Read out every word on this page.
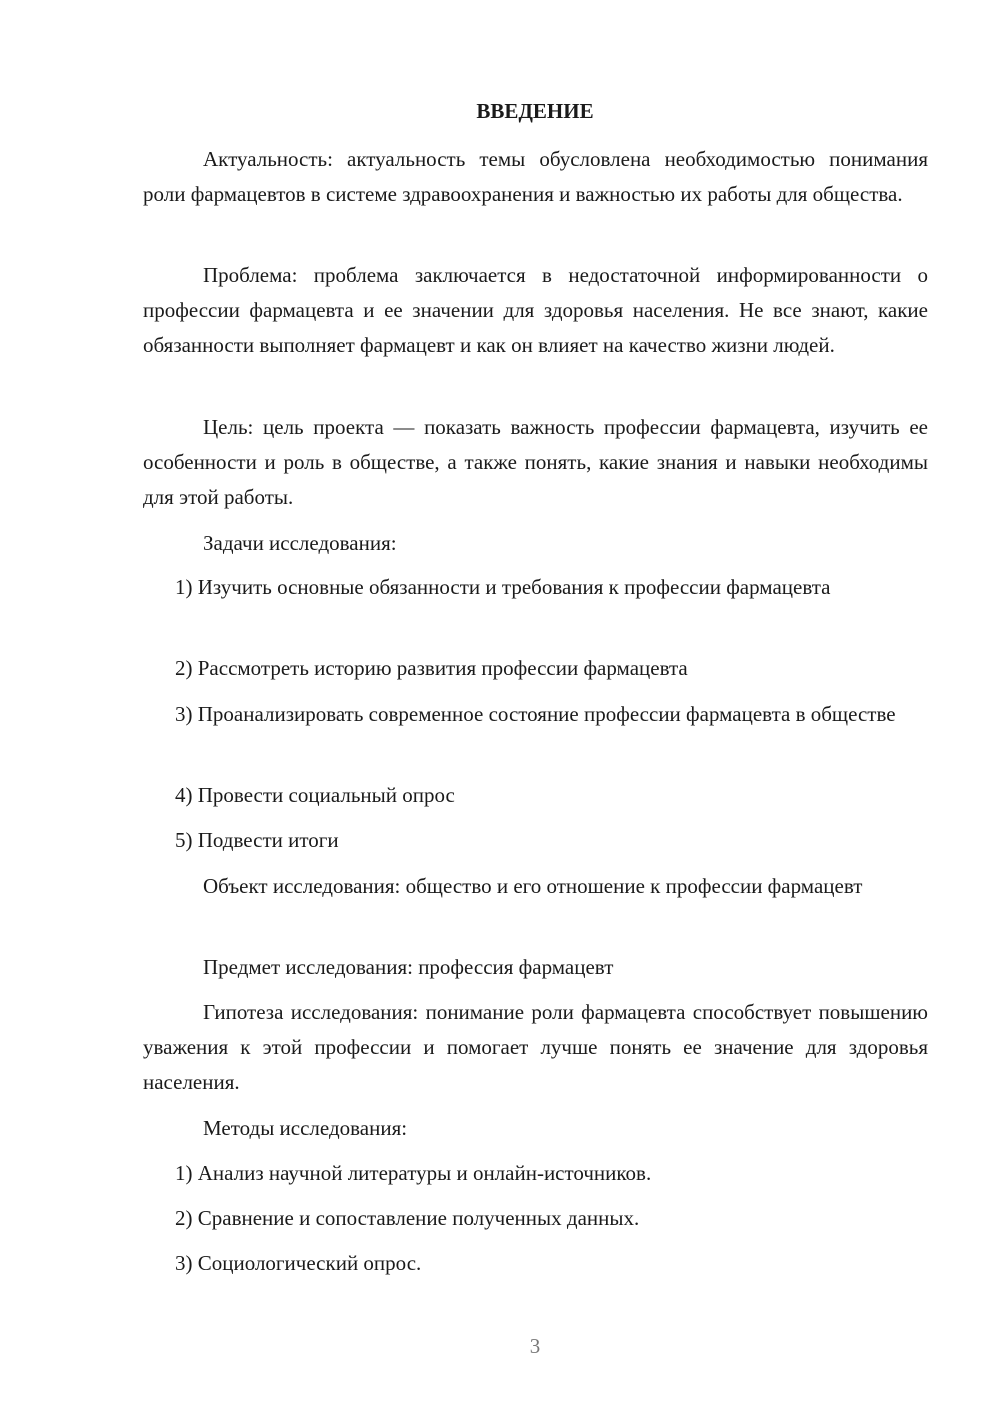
ВВЕДЕНИЕ

Актуальность: актуальность темы обусловлена необходимостью понимания роли фармацевтов в системе здравоохранения и важностью их работы для общества.

Проблема: проблема заключается в недостаточной информированности о профессии фармацевта и ее значении для здоровья населения. Не все знают, какие обязанности выполняет фармацевт и как он влияет на качество жизни людей.

Цель: цель проекта — показать важность профессии фармацевта, изучить ее особенности и роль в обществе, а также понять, какие знания и навыки необходимы для этой работы.

Задачи исследования:

1) Изучить основные обязанности и требования к профессии фармацевта

2) Рассмотреть историю развития профессии фармацевта

3) Проанализировать современное состояние профессии фармацевта в обществе

4) Провести социальный опрос

5) Подвести итоги

Объект исследования: общество и его отношение к профессии фармацевт

Предмет исследования: профессия фармацевт

Гипотеза исследования: понимание роли фармацевта способствует повышению уважения к этой профессии и помогает лучше понять ее значение для здоровья населения.

Методы исследования:

1) Анализ научной литературы и онлайн-источников.

2) Сравнение и сопоставление полученных данных.

3) Социологический опрос.

3
